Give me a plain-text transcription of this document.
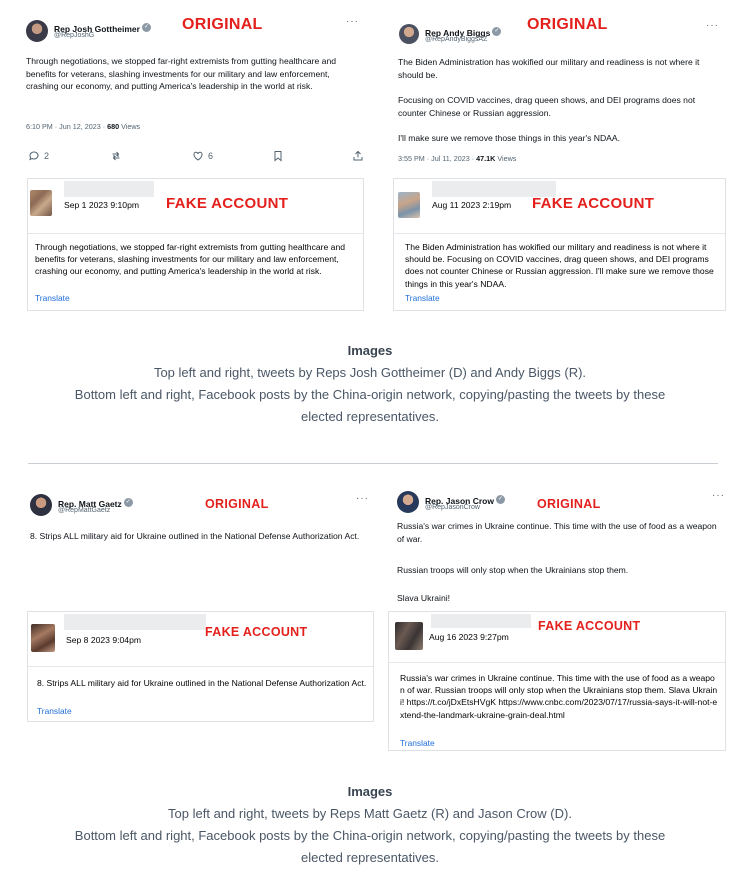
Rep Josh Gottheimer ✓
@RepJoshG
ORIGINAL	···
Through negotiations, we stopped far-right extremists from gutting healthcare and benefits for veterans, slashing investments for our military and law enforcement, crashing our economy, and putting America's leadership in the world at risk.
6:10 PM · Jun 12, 2023 · 680 Views
2	6
Rep Andy Biggs ✓
@RepAndyBiggsAZ
ORIGINAL	···
The Biden Administration has wokified our military and readiness is not where it should be.
Focusing on COVID vaccines, drag queen shows, and DEI programs does not counter Chinese or Russian aggression.
I'll make sure we remove those things in this year's NDAA.
3:55 PM · Jul 11, 2023 · 47.1K Views
Sep 1 2023 9:10pm FAKE ACCOUNT
Through negotiations, we stopped far-right extremists from gutting healthcare and benefits for veterans, slashing investments for our military and law enforcement, crashing our economy, and putting America's leadership in the world at risk.
Translate
Aug 11 2023 2:19pm FAKE ACCOUNT
The Biden Administration has wokified our military and readiness is not where it should be. Focusing on COVID vaccines, drag queen shows, and DEI programs does not counter Chinese or Russian aggression. I'll make sure we remove those things in this year's NDAA.
Translate
Images
Top left and right, tweets by Reps Josh Gottheimer (D) and Andy Biggs (R).
Bottom left and right, Facebook posts by the China-origin network, copying/pasting the tweets by these
elected representatives.
Rep. Matt Gaetz ✓
@RepMattGaetz	ORIGINAL	···
8. Strips ALL military aid for Ukraine outlined in the National Defense Authorization Act.
Rep. Jason Crow ✓
@RepJasonCrow	ORIGINAL
···
Russia's war crimes in Ukraine continue. This time with the use of food as a weapon of war.
Russian troops will only stop when the Ukrainians stop them.
Slava Ukraini!
Sep 8 2023 9:04pm
FAKE ACCOUNT
8. Strips ALL military aid for Ukraine outlined in the National Defense Authorization Act.
Translate
Aug 16 2023 9:27pm
FAKE ACCOUNT
Russia's war crimes in Ukraine continue. This time with the use of food as a weapon of war. Russian troops will only stop when the Ukrainians stop them. Slava Ukraini! https://t.co/jDxEtsHVgK https://www.cnbc.com/2023/07/17/russia-says-it-will-not-extend-the-landmark-ukraine-grain-deal.html
Translate
Images
Top left and right, tweets by Reps Matt Gaetz (R) and Jason Crow (D).
Bottom left and right, Facebook posts by the China-origin network, copying/pasting the tweets by these
elected representatives.
